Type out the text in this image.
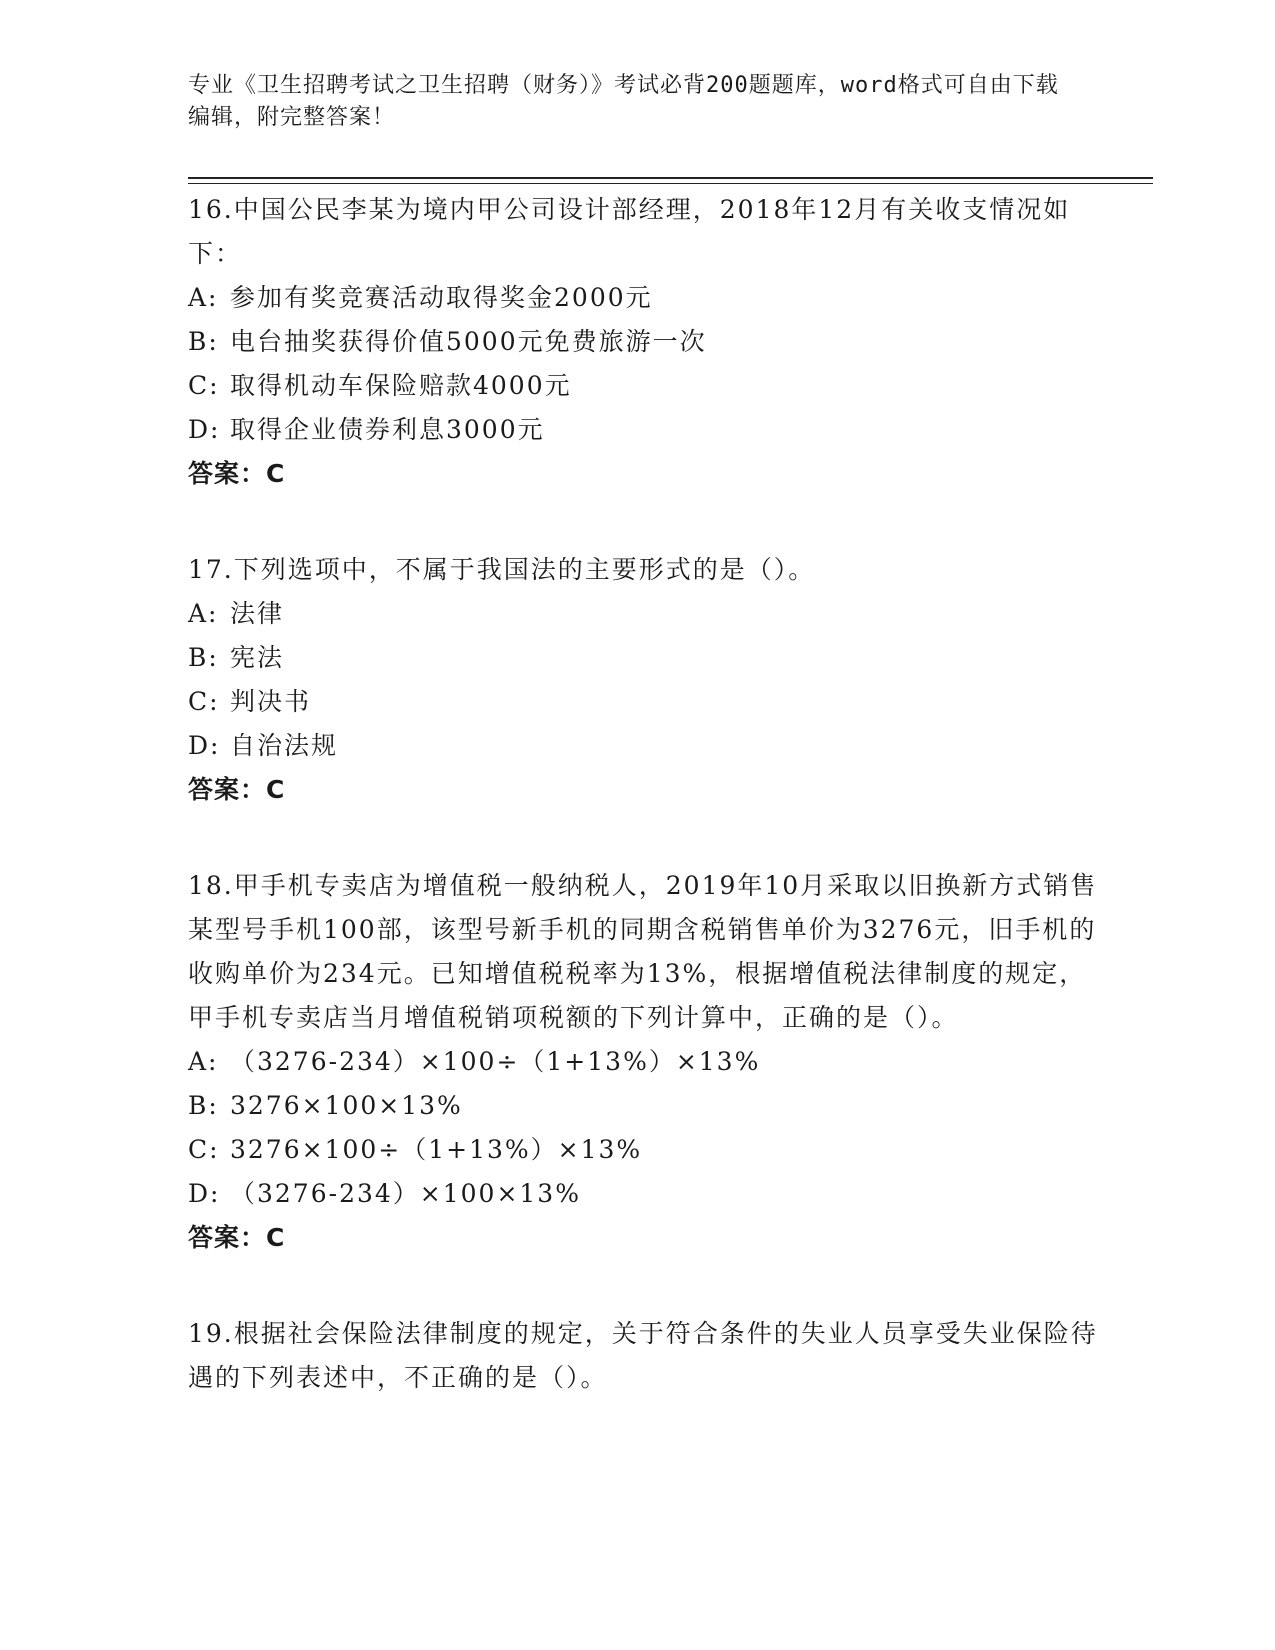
专业《卫生招聘考试之卫生招聘（财务）》考试必背200题题库，word格式可自由下载编辑，附完整答案！
16.中国公民李某为境内甲公司设计部经理，2018年12月有关收支情况如下：
A: 参加有奖竞赛活动取得奖金2000元
B: 电台抽奖获得价值5000元免费旅游一次
C: 取得机动车保险赔款4000元
D: 取得企业债券利息3000元
答案：C
17.下列选项中，不属于我国法的主要形式的是（）。
A: 法律
B: 宪法
C: 判决书
D: 自治法规
答案：C
18.甲手机专卖店为增值税一般纳税人，2019年10月采取以旧换新方式销售某型号手机100部，该型号新手机的同期含税销售单价为3276元，旧手机的收购单价为234元。已知增值税税率为13%，根据增值税法律制度的规定，甲手机专卖店当月增值税销项税额的下列计算中，正确的是（）。
A: （3276-234）×100÷（1+13%）×13%
B: 3276×100×13%
C: 3276×100÷（1+13%）×13%
D: （3276-234）×100×13%
答案：C
19.根据社会保险法律制度的规定，关于符合条件的失业人员享受失业保险待遇的下列表述中，不正确的是（）。
